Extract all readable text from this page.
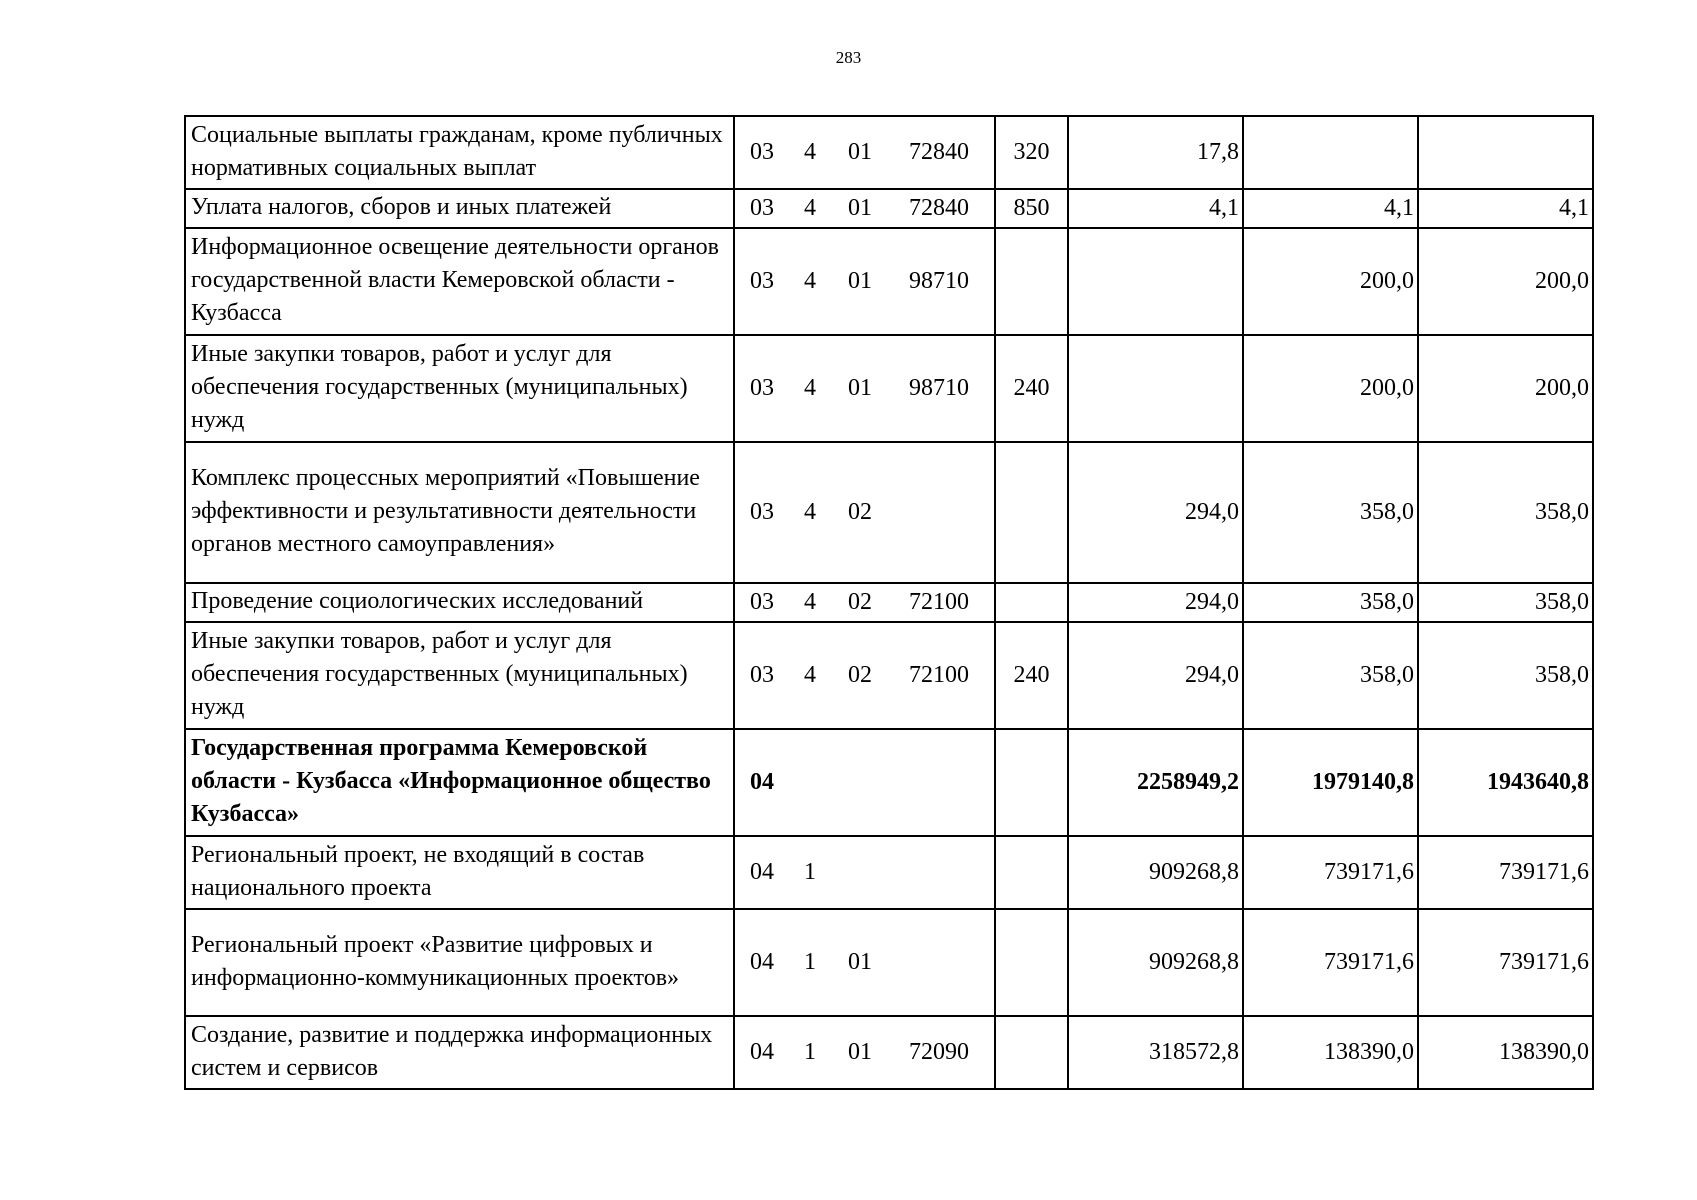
283
Социальные выплаты гражданам, кроме публичных нормативных социальных выплат	03 4 01 72840	320	17,8		
Уплата налогов, сборов и иных платежей	03 4 01 72840	850	4,1	4,1	4,1
Информационное освещение деятельности органов государственной власти Кемеровской области - Кузбасса	03 4 01 98710			200,0	200,0
Иные закупки товаров, работ и услуг для обеспечения государственных (муниципальных) нужд	03 4 01 98710	240		200,0	200,0
Комплекс процессных мероприятий «Повышение эффективности и результативности деятельности органов местного самоуправления»	03 4 02		294,0	358,0	358,0
Проведение социологических исследований	03 4 02 72100		294,0	358,0	358,0
Иные закупки товаров, работ и услуг для обеспечения государственных (муниципальных) нужд	03 4 02 72100	240	294,0	358,0	358,0
Государственная программа Кемеровской области - Кузбасса «Информационное общество Кузбасса»	04		2258949,2	1979140,8	1943640,8
Региональный проект, не входящий в состав национального проекта	04 1		909268,8	739171,6	739171,6
Региональный проект «Развитие цифровых и информационно-коммуникационных проектов»	04 1 01		909268,8	739171,6	739171,6
Создание, развитие и поддержка информационных систем и сервисов	04 1 01 72090		318572,8	138390,0	138390,0
